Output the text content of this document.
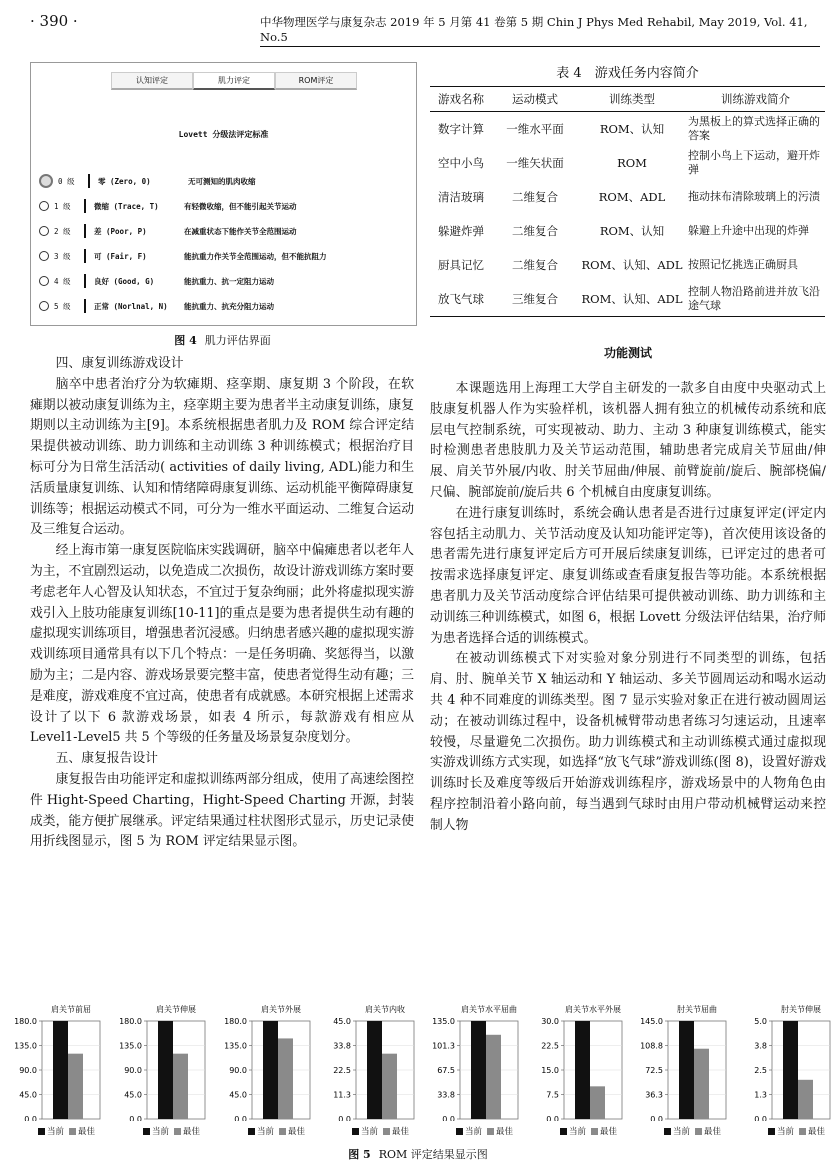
· 390 ·	中华物理医学与康复杂志 2019 年 5 月第 41 卷第 5 期 Chin J Phys Med Rehabil, May 2019, Vol. 41, No.5
认知评定	肌力评定	ROM评定
Lovett 分级法评定标准
0 级	零 (Zero, 0)	无可测知的肌肉收缩
1 级	微缩 (Trace, T)	有轻微收缩，但不能引起关节运动
2 级	差 (Poor, P)	在减重状态下能作关节全范围运动
3 级	可 (Fair, F)	能抗重力作关节全范围运动，但不能抗阻力
4 级	良好 (Good, G)	能抗重力、抗一定阻力运动
5 级	正常 (Norlnal, N)	能抗重力、抗充分阻力运动
图 4 肌力评估界面
表 4　游戏任务内容简介
游戏名称	运动模式	训练类型	训练游戏简介
数字计算	一维水平面	ROM、认知	为黑板上的算式选择正确的答案
空中小鸟	一维矢状面	ROM	控制小鸟上下运动，避开炸弹
清洁玻璃	二维复合	ROM、ADL	拖动抹布清除玻璃上的污渍
躲避炸弹	二维复合	ROM、认知	躲避上升途中出现的炸弹
厨具记忆	二维复合	ROM、认知、ADL	按照记忆挑选正确厨具
放飞气球	三维复合	ROM、认知、ADL	控制人物沿路前进并放飞沿途气球
四、康复训练游戏设计
脑卒中患者治疗分为软瘫期、痉挛期、康复期 3 个阶段，在软瘫期以被动康复训练为主，痉挛期主要为患者半主动康复训练，康复期则以主动训练为主[9]。本系统根据患者肌力及 ROM 综合评定结果提供被动训练、助力训练和主动训练 3 种训练模式；根据治疗目标可分为日常生活活动( activities of daily living, ADL)能力和生活质量康复训练、认知和情绪障碍康复训练、运动机能平衡障碍康复训练等；根据运动模式不同，可分为一维水平面运动、二维复合运动及三维复合运动。
经上海市第一康复医院临床实践调研，脑卒中偏瘫患者以老年人为主，不宜剧烈运动，以免造成二次损伤，故设计游戏训练方案时要考虑老年人心智及认知状态，不宜过于复杂绚丽；此外将虚拟现实游戏引入上肢功能康复训练[10-11]的重点是要为患者提供生动有趣的虚拟现实训练项目，增强患者沉浸感。归纳患者感兴趣的虚拟现实游戏训练项目通常具有以下几个特点：一是任务明确、奖惩得当，以激励为主；二是内容、游戏场景要完整丰富，使患者觉得生动有趣；三是难度，游戏难度不宜过高，使患者有成就感。本研究根据上述需求设计了以下 6 款游戏场景，如表 4 所示，每款游戏有相应从 Level1-Level5 共 5 个等级的任务量及场景复杂度划分。
五、康复报告设计
康复报告由功能评定和虚拟训练两部分组成，使用了高速绘图控件 Hight-Speed Charting，Hight-Speed Charting 开源，封装成类，能方便扩展继承。评定结果通过柱状图形式显示，历史记录使用折线图显示，图 5 为 ROM 评定结果显示图。
功能测试
本课题选用上海理工大学自主研发的一款多自由度中央驱动式上肢康复机器人作为实验样机，该机器人拥有独立的机械传动系统和底层电气控制系统，可实现被动、助力、主动 3 种康复训练模式，能实时检测患者患肢肌力及关节运动范围，辅助患者完成肩关节屈曲/伸展、肩关节外展/内收、肘关节屈曲/伸展、前臂旋前/旋后、腕部桡偏/尺偏、腕部旋前/旋后共 6 个机械自由度康复训练。
在进行康复训练时，系统会确认患者是否进行过康复评定(评定内容包括主动肌力、关节活动度及认知功能评定等)，首次使用该设备的患者需先进行康复评定后方可开展后续康复训练，已评定过的患者可按需求选择康复评定、康复训练或查看康复报告等功能。本系统根据患者肌力及关节活动度综合评估结果可提供被动训练、助力训练和主动训练三种训练模式，如图 6，根据 Lovett 分级法评估结果，治疗师为患者选择合适的训练模式。
在被动训练模式下对实验对象分别进行不同类型的训练，包括肩、肘、腕单关节 X 轴运动和 Y 轴运动、多关节圆周运动和喝水运动共 4 种不同难度的训练类型。图 7 显示实验对象正在进行被动圆周运动；在被动训练过程中，设备机械臂带动患者练习匀速运动，且速率较慢，尽量避免二次损伤。助力训练模式和主动训练模式通过虚拟现实游戏训练方式实现，如选择“放飞气球”游戏训练(图 8)，设置好游戏训练时长及难度等级后开始游戏训练程序，游戏场景中的人物角色由程序控制沿着小路向前，每当遇到气球时由用户带动机械臂运动来控制人物
肩关节前屈
180.0
135.0
90.0
45.0
0.0
当前 最佳
肩关节伸展
180.0
135.0
90.0
45.0
0.0
当前 最佳
肩关节外展
180.0
135.0
90.0
45.0
0.0
当前 最佳
肩关节内收
45.0
33.8
22.5
11.3
0.0
当前 最佳
肩关节水平屈曲
135.0
101.3
67.5
33.8
0.0
当前 最佳
肩关节水平外展
30.0
22.5
15.0
7.5
0.0
当前 最佳
肘关节屈曲
145.0
108.8
72.5
36.3
0.0
当前 最佳
肘关节伸展
5.0
3.8
2.5
1.3
0.0
当前 最佳
图 5 ROM 评定结果显示图
